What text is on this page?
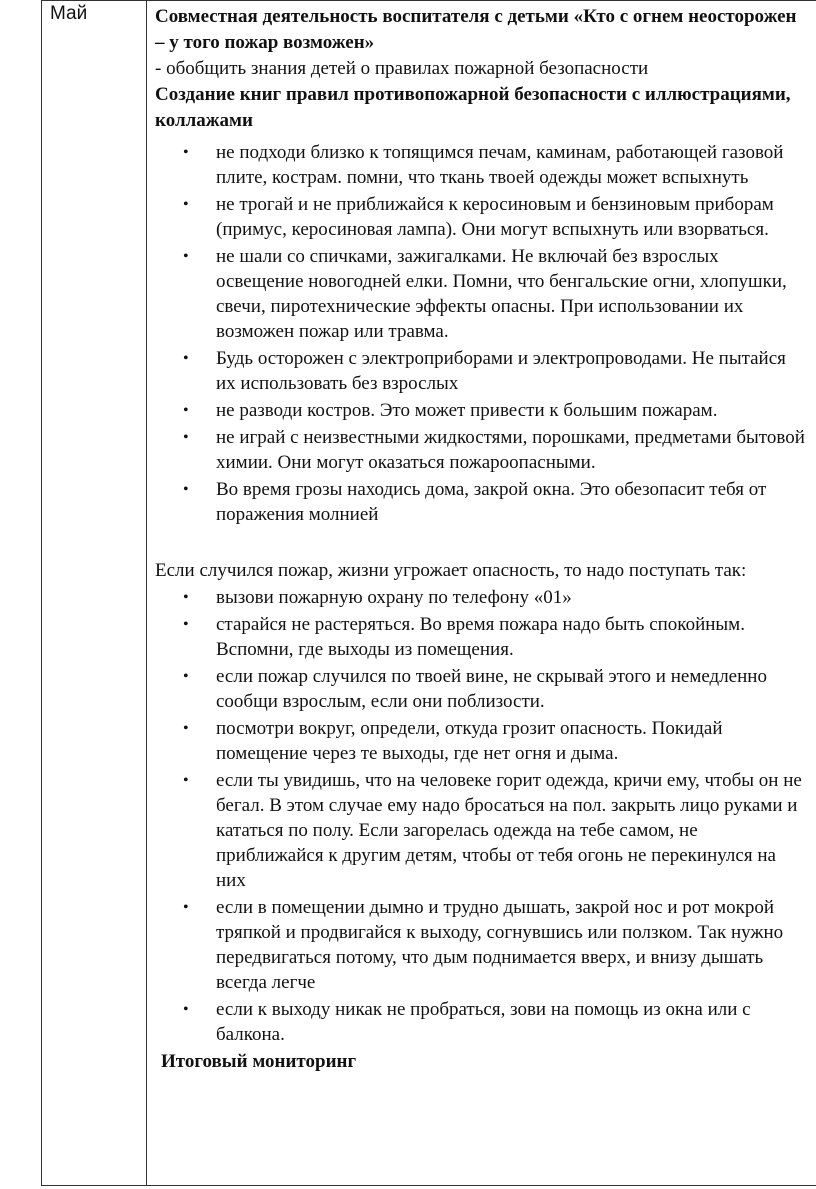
Май	Совместная деятельность воспитателя с детьми «Кто с огнем неосторожен – у того пожар возможен»

- обобщить знания детей о правилах пожарной безопасности

Создание книг правил противопожарной безопасности с иллюстрациями, коллажами

• не подходи близко к топящимся печам, каминам, работающей газовой плите, кострам. помни, что ткань твоей одежды может вспыхнуть
• не трогай и не приближайся к керосиновым и бензиновым приборам (примус, керосиновая лампа). Они могут вспыхнуть или взорваться.
• не шали со спичками, зажигалками. Не включай без взрослых освещение новогодней елки. Помни, что бенгальские огни, хлопушки, свечи, пиротехнические эффекты опасны. При использовании их возможен пожар или травма.
• Будь осторожен с электроприборами и электропроводами. Не пытайся их использовать без взрослых
• не разводи костров. Это может привести к большим пожарам.
• не играй с неизвестными жидкостями, порошками, предметами бытовой химии. Они могут оказаться пожароопасными.
• Во время грозы находись дома, закрой окна. Это обезопасит тебя от поражения молнией

Если случился пожар, жизни угрожает опасность, то надо поступать так:

• вызови пожарную охрану по телефону «01»
• старайся не растеряться. Во время пожара надо быть спокойным. Вспомни, где выходы из помещения.
• если пожар случился по твоей вине, не скрывай этого и немедленно сообщи взрослым, если они поблизости.
• посмотри вокруг, определи, откуда грозит опасность. Покидай помещение через те выходы, где нет огня и дыма.
• если ты увидишь, что на человеке горит одежда, кричи ему, чтобы он не бегал. В этом случае ему надо бросаться на пол. закрыть лицо руками и кататься по полу. Если загорелась одежда на тебе самом, не приближайся к другим детям, чтобы от тебя огонь не перекинулся на них
• если в помещении дымно и трудно дышать, закрой нос и рот мокрой тряпкой и продвигайся к выходу, согнувшись или ползком. Так нужно передвигаться потому, что дым поднимается вверх, и внизу дышать всегда легче
• если к выходу никак не пробраться, зови на помощь из окна или с балкона.

Итоговый мониторинг
